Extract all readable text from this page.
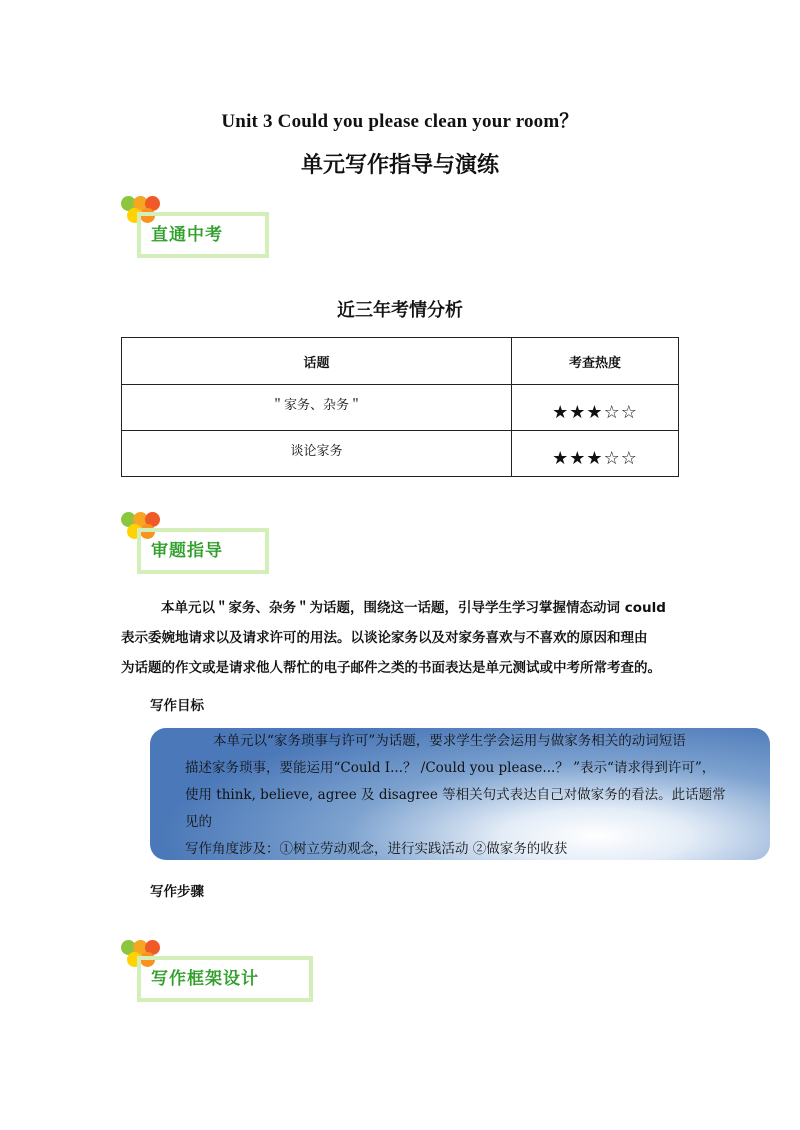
Unit 3 Could you please clean your room？
单元写作指导与演练
直通中考
近三年考情分析
话题	考查热度
＂家务、杂务＂	★★★☆☆
谈论家务	★★★☆☆
审题指导
本单元以＂家务、杂务＂为话题，围绕这一话题，引导学生学习掌握情态动词 could
表示委婉地请求以及请求许可的用法。以谈论家务以及对家务喜欢与不喜欢的原因和理由
为话题的作文或是请求他人帮忙的电子邮件之类的书面表达是单元测试或中考所常考查的。
写作目标
本单元以“家务琐事与许可”为话题，要求学生学会运用与做家务相关的动词短语
描述家务琐事，要能运用“Could I...？ /Could you please...？ ”表示“请求得到许可”，
使用 think, believe, agree 及 disagree 等相关句式表达自己对做家务的看法。此话题常见的
写作角度涉及：①树立劳动观念，进行实践活动 ②做家务的收获
写作步骤
写作框架设计
